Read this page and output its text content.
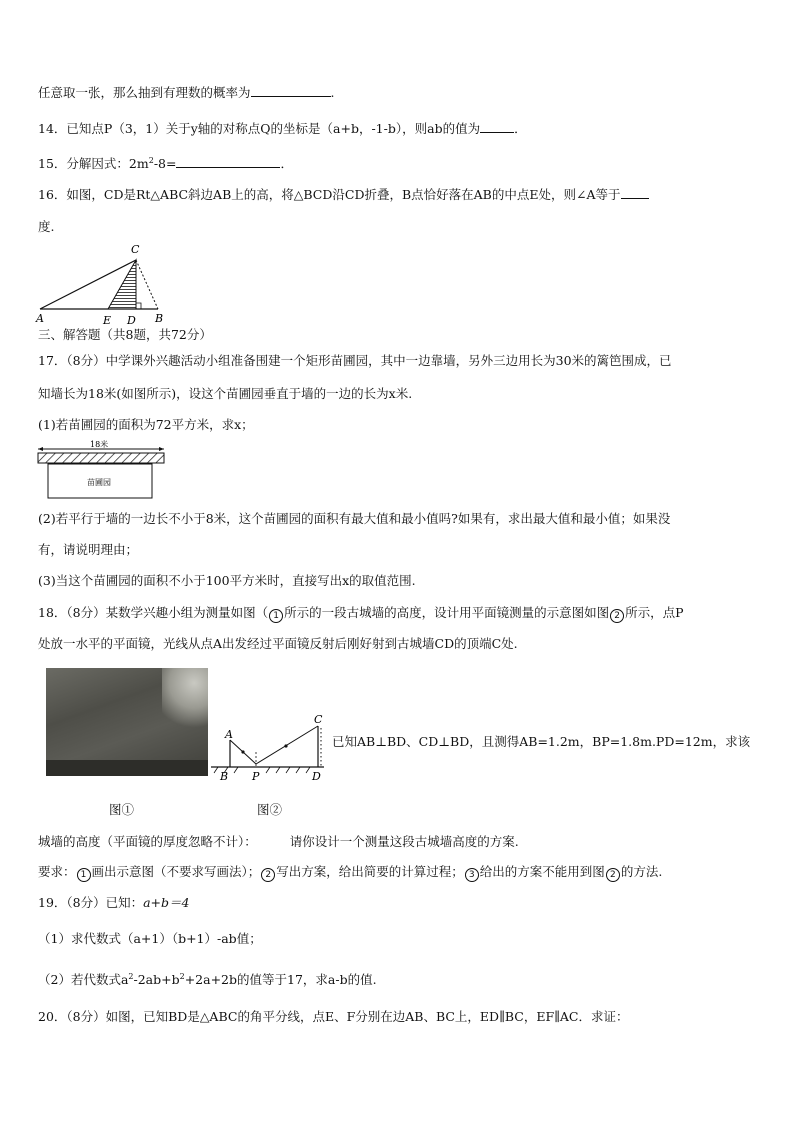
任意取一张，那么抽到有理数的概率为	.
14．已知点P（3，1）关于y轴的对称点Q的坐标是（a+b，-1-b），则ab的值为	．
15．分解因式：$2m^2-8=$	．
16．如图，CD是Rt△ABC斜边AB上的高，将△BCD沿CD折叠，B点恰好落在AB的中点E处，则∠A等于
度.
C
A	E D B
三、解答题（共8题，共72分）
17．（8分）中学课外兴趣活动小组准备围建一个矩形苗圃园，其中一边靠墙，另外三边用长为30米的篱笆围成，已
知墙长为18米(如图所示)，设这个苗圃园垂直于墙的一边的长为x米.
(1)若苗圃园的面积为72平方米，求x；
18米
苗圃园
(2)若平行于墙的一边长不小于8米，这个苗圃园的面积有最大值和最小值吗?如果有，求出最大值和最小值；如果没
有，请说明理由；
(3)当这个苗圃园的面积不小于100平方米时，直接写出x的取值范围.
18．（8分）某数学兴趣小组为测量如图（ 1 所示的一段古城墙的高度，设计用平面镜测量的示意图如图 2 所示，点P
处放一水平的平面镜，光线从点A出发经过平面镜反射后刚好射到古城墙CD的顶端C处.
C
A
B P	D
已知AB⊥BD、CD⊥BD，且测得AB=1.2m，BP=1.8m.PD=12m，求该
图①	图②
城墙的高度（平面镜的厚度忽略不计）：	请你设计一个测量这段古城墙高度的方案.
要求： 1 画出示意图（不要求写画法）； 2 写出方案，给出简要的计算过程； 3 给出的方案不能用到图 2 的方法.
19．（8分）已知：a+b＝4
（1）求代数式（a+1）（b+1）-ab值；
（2）若代数式$a^2-2ab+b^2+2a+2b$的值等于17，求a-b的值.
20．（8分）如图，已知BD是△ABC的角平分线，点E、F分别在边AB、BC上，ED∥BC，EF∥AC．求证：
